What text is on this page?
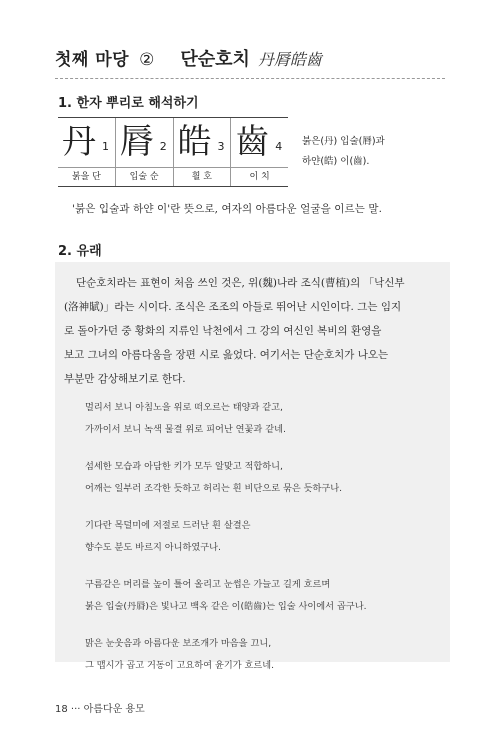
첫째 마당 ② 단순호치 丹脣皓齒
1. 한자 뿌리로 해석하기
丹 1
붉을 단
脣 2
입술 순
皓 3
흴 호
齒 4
이 치
붉은(丹) 입술(脣)과
하얀(皓) 이(齒).
'붉은 입술과 하얀 이'란 뜻으로, 여자의 아름다운 얼굴을 이르는 말.
2. 유래
단순호치라는 표현이 처음 쓰인 것은, 위(魏)나라 조식(曹植)의 「낙신부
(洛神賦)」라는 시이다. 조식은 조조의 아들로 뛰어난 시인이다. 그는 임지
로 돌아가던 중 황화의 지류인 낙천에서 그 강의 여신인 복비의 환영을
보고 그녀의 아름다움을 장편 시로 읊었다. 여기서는 단순호치가 나오는
부분만 감상해보기로 한다.
멀리서 보니 아침노을 위로 떠오르는 태양과 같고,
가까이서 보니 녹색 물결 위로 피어난 연꽃과 같네.
섬세한 모습과 아담한 키가 모두 알맞고 적합하니,
어깨는 일부러 조각한 듯하고 허리는 흰 비단으로 묶은 듯하구나.
기다란 목덜미에 저절로 드러난 흰 살결은
향수도 분도 바르지 아니하였구나.
구름같은 머리를 높이 틀어 올리고 눈썹은 가늘고 길게 흐르며
붉은 입술(丹脣)은 빛나고 백옥 같은 이(皓齒)는 입술 사이에서 곱구나.
맑은 눈웃음과 아름다운 보조개가 마음을 끄니,
그 맵시가 곱고 거동이 고요하여 윤기가 흐르네.
18 ··· 아름다운 용모
